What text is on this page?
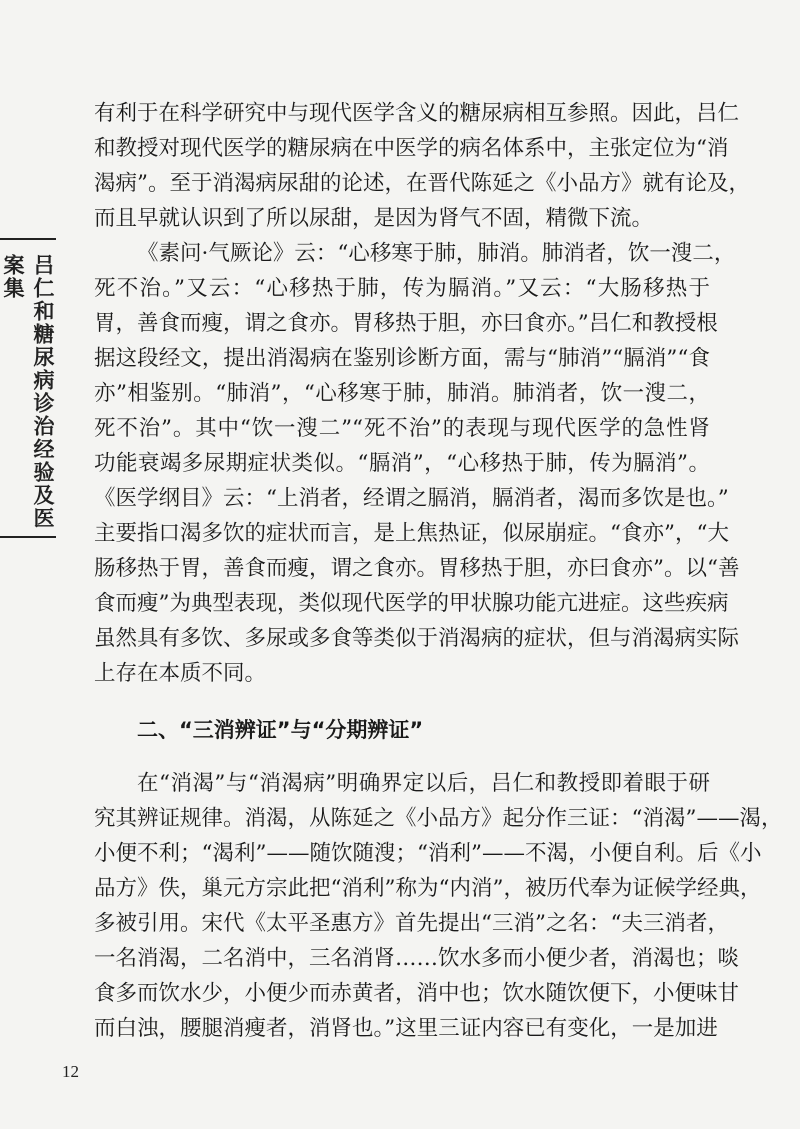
吕仁和糖尿病诊治经验及医案集
有利于在科学研究中与现代医学含义的糖尿病相互参照。因此，吕仁
和教授对现代医学的糖尿病在中医学的病名体系中，主张定位为“消
渴病”。至于消渴病尿甜的论述，在晋代陈延之《小品方》就有论及，
而且早就认识到了所以尿甜，是因为肾气不固，精微下流。
《素问·气厥论》云：“心移寒于肺，肺消。肺消者，饮一溲二，
死不治。”又云：“心移热于肺，传为膈消。”又云：“大肠移热于
胃，善食而瘦，谓之食亦。胃移热于胆，亦曰食亦。”吕仁和教授根
据这段经文，提出消渴病在鉴别诊断方面，需与“肺消”“膈消”“食
亦”相鉴别。“肺消”，“心移寒于肺，肺消。肺消者，饮一溲二，
死不治”。其中“饮一溲二”“死不治”的表现与现代医学的急性肾
功能衰竭多尿期症状类似。“膈消”，“心移热于肺，传为膈消”。
《医学纲目》云：“上消者，经谓之膈消，膈消者，渴而多饮是也。”
主要指口渴多饮的症状而言，是上焦热证，似尿崩症。“食亦”，“大
肠移热于胃，善食而瘦，谓之食亦。胃移热于胆，亦曰食亦”。以“善
食而瘦”为典型表现，类似现代医学的甲状腺功能亢进症。这些疾病
虽然具有多饮、多尿或多食等类似于消渴病的症状，但与消渴病实际
上存在本质不同。
二、“三消辨证”与“分期辨证”
在“消渴”与“消渴病”明确界定以后，吕仁和教授即着眼于研
究其辨证规律。消渴，从陈延之《小品方》起分作三证：“消渴”——渴，
小便不利；“渴利”——随饮随溲；“消利”——不渴，小便自利。后《小
品方》佚，巢元方宗此把“消利”称为“内消”，被历代奉为证候学经典，
多被引用。宋代《太平圣惠方》首先提出“三消”之名：“夫三消者，
一名消渴，二名消中，三名消肾……饮水多而小便少者，消渴也；啖
食多而饮水少，小便少而赤黄者，消中也；饮水随饮便下，小便味甘
而白浊，腰腿消瘦者，消肾也。”这里三证内容已有变化，一是加进
12
